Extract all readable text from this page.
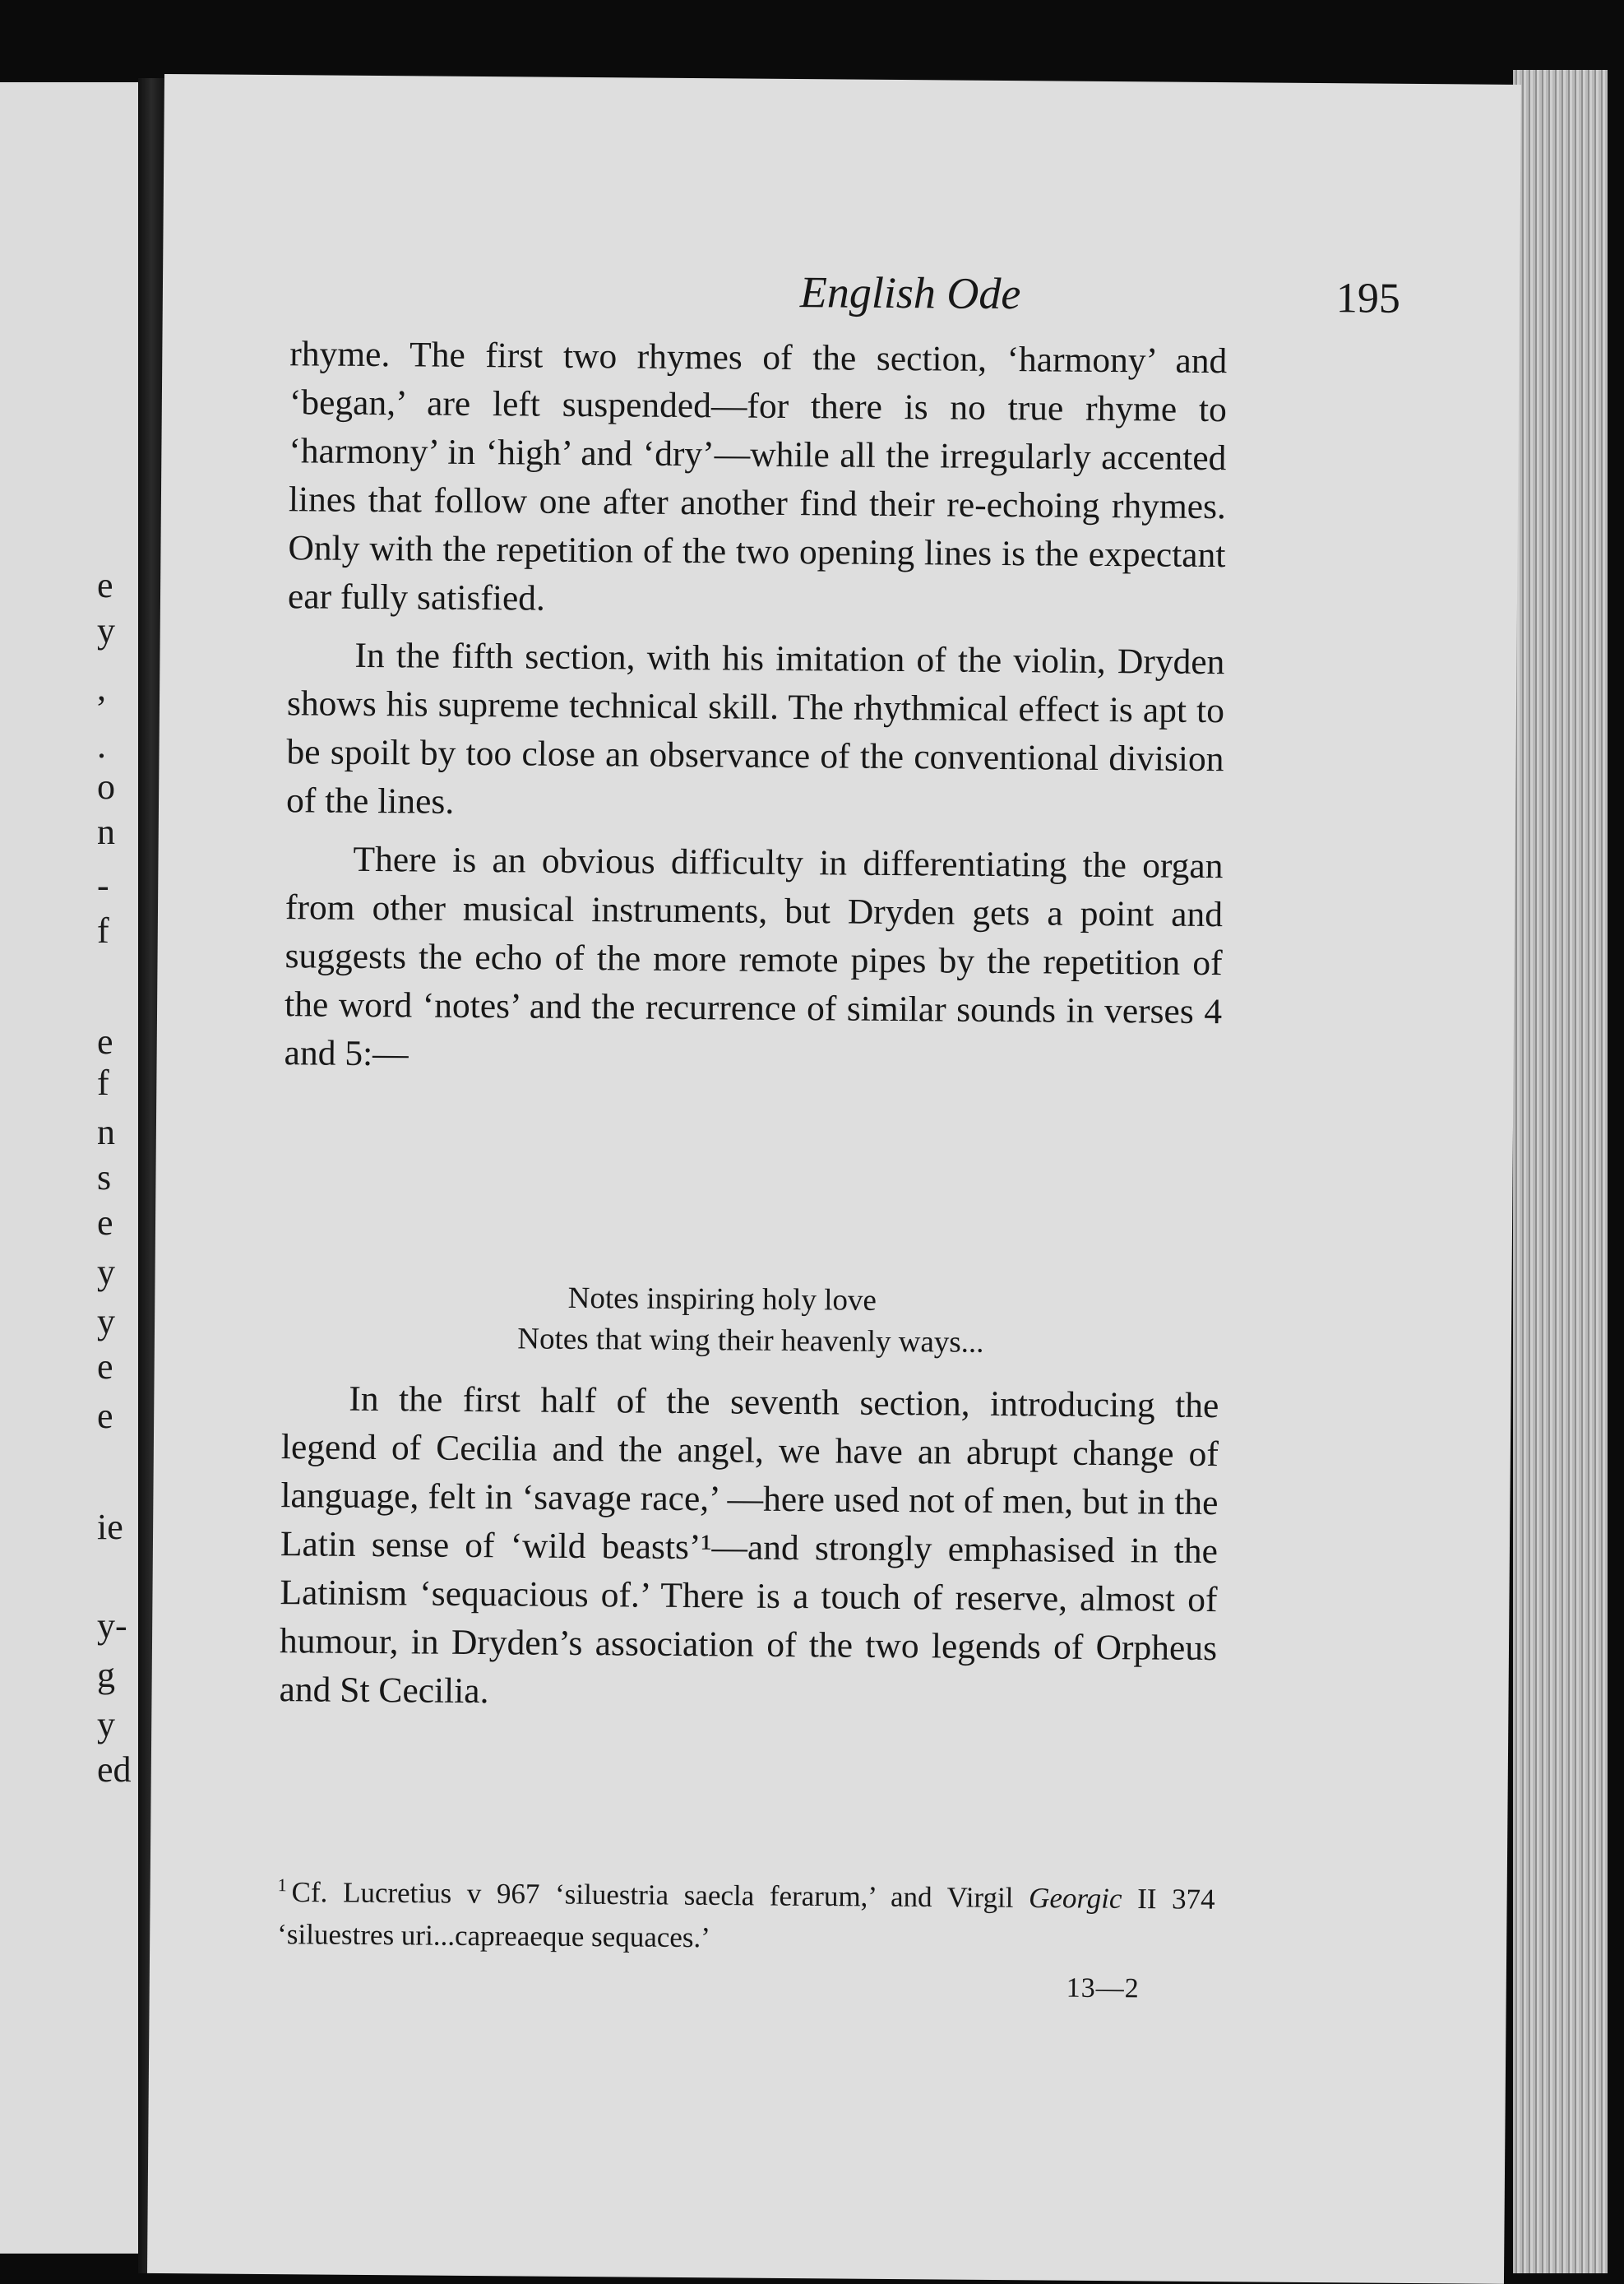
e
y
,
.
o
n
-
f
e
f
n
s
e
y
y
e
e
ie
y-
g
y
ed
English Ode	195

rhyme. The first two rhymes of the section, ‘harmony’ and ‘began,’ are left suspended—for there is no true rhyme to ‘harmony’ in ‘high’ and ‘dry’—while all the irregularly accented lines that follow one after another find their re-echoing rhymes. Only with the repetition of the two opening lines is the expectant ear fully satisfied.

In the fifth section, with his imitation of the violin, Dryden shows his supreme technical skill. The rhythmical effect is apt to be spoilt by too close an observance of the conventional division of the lines.

There is an obvious difficulty in differentiating the organ from other musical instruments, but Dryden gets a point and suggests the echo of the more remote pipes by the repetition of the word ‘notes’ and the recurrence of similar sounds in verses 4 and 5:—

Notes inspiring holy love
Notes that wing their heavenly ways...

In the first half of the seventh section, introducing the legend of Cecilia and the angel, we have an abrupt change of language, felt in ‘savage race,’ —here used not of men, but in the Latin sense of ‘wild beasts’¹—and strongly emphasised in the Latinism ‘sequacious of.’ There is a touch of reserve, almost of humour, in Dryden’s association of the two legends of Orpheus and St Cecilia.

$^1$ Cf. Lucretius v 967 ‘siluestria saecla ferarum,’ and Virgil Georgic II 374 ‘siluestres uri...capreaeque sequaces.’
13—2
